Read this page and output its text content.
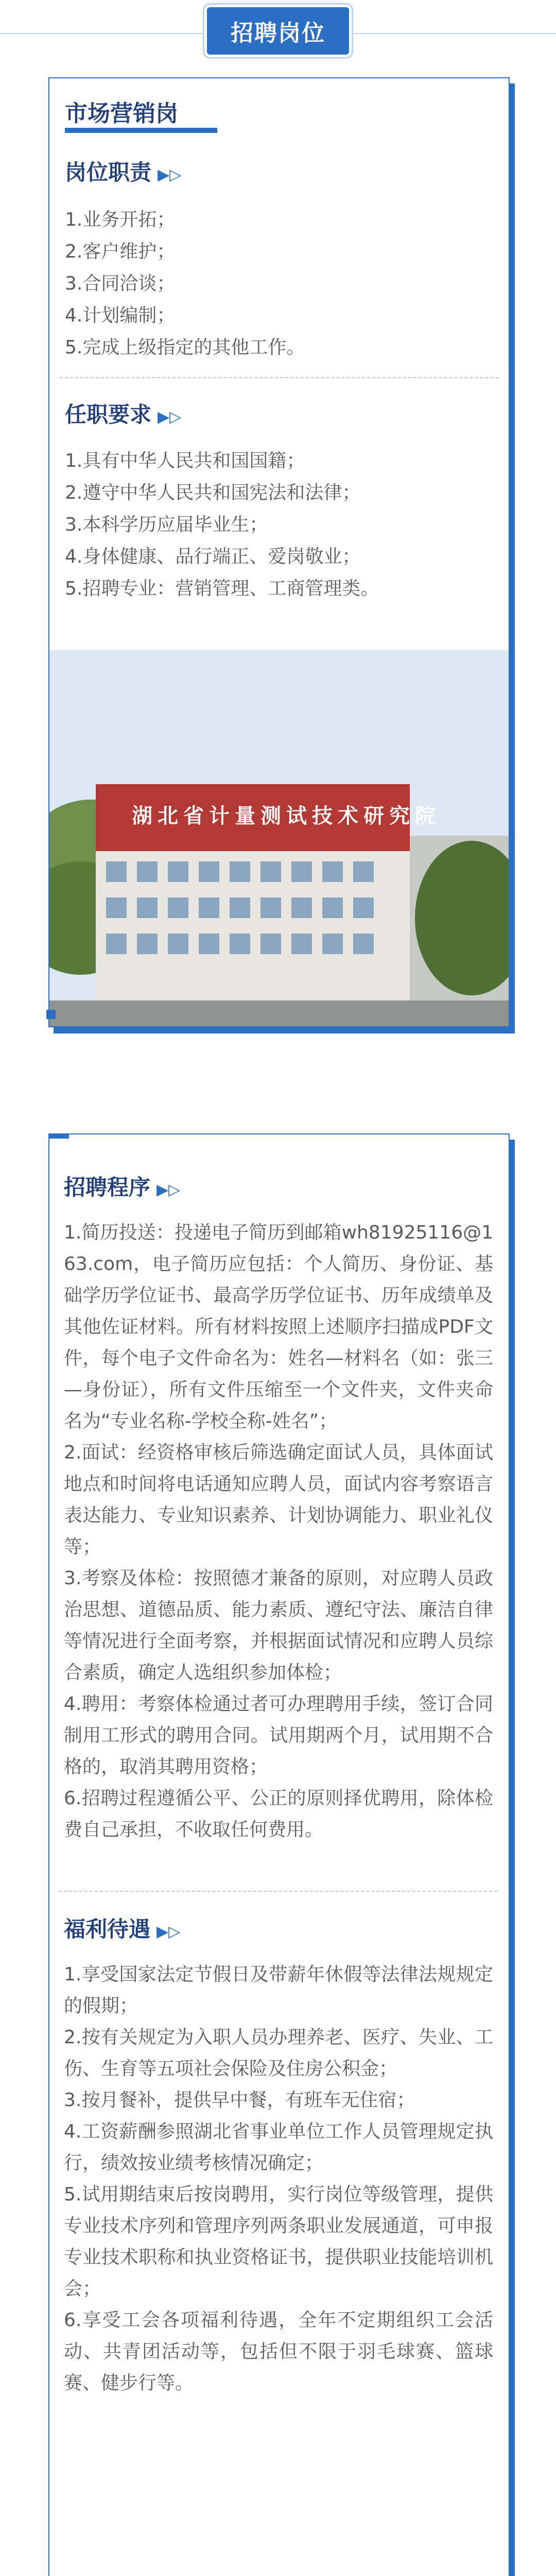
招聘岗位
市场营销岗
岗位职责 ▶▷
1.业务开拓；
2.客户维护；
3.合同洽谈；
4.计划编制；
5.完成上级指定的其他工作。
任职要求 ▶▷
1.具有中华人民共和国国籍；
2.遵守中华人民共和国宪法和法律；
3.本科学历应届毕业生；
4.身体健康、品行端正、爱岗敬业；
5.招聘专业：营销管理、工商管理类。
湖北省计量测试技术研究院
招聘程序 ▶▷
1.简历投送：投递电子简历到邮箱wh81925116@163.com，电子简历应包括：个人简历、身份证、基础学历学位证书、最高学历学位证书、历年成绩单及其他佐证材料。所有材料按照上述顺序扫描成PDF文件，每个电子文件命名为：姓名—材料名（如：张三—身份证），所有文件压缩至一个文件夹，文件夹命名为“专业名称-学校全称-姓名”；
2.面试：经资格审核后筛选确定面试人员，具体面试地点和时间将电话通知应聘人员，面试内容考察语言表达能力、专业知识素养、计划协调能力、职业礼仪等；
3.考察及体检：按照德才兼备的原则，对应聘人员政治思想、道德品质、能力素质、遵纪守法、廉洁自律等情况进行全面考察，并根据面试情况和应聘人员综合素质，确定人选组织参加体检；
4.聘用：考察体检通过者可办理聘用手续，签订合同制用工形式的聘用合同。试用期两个月，试用期不合格的，取消其聘用资格；
6.招聘过程遵循公平、公正的原则择优聘用，除体检费自己承担，不收取任何费用。
福利待遇 ▶▷
1.享受国家法定节假日及带薪年休假等法律法规规定的假期；
2.按有关规定为入职人员办理养老、医疗、失业、工伤、生育等五项社会保险及住房公积金；
3.按月餐补，提供早中餐，有班车无住宿；
4.工资薪酬参照湖北省事业单位工作人员管理规定执行，绩效按业绩考核情况确定；
5.试用期结束后按岗聘用，实行岗位等级管理，提供专业技术序列和管理序列两条职业发展通道，可申报专业技术职称和执业资格证书，提供职业技能培训机会；
6.享受工会各项福利待遇，全年不定期组织工会活动、共青团活动等，包括但不限于羽毛球赛、篮球赛、健步行等。
